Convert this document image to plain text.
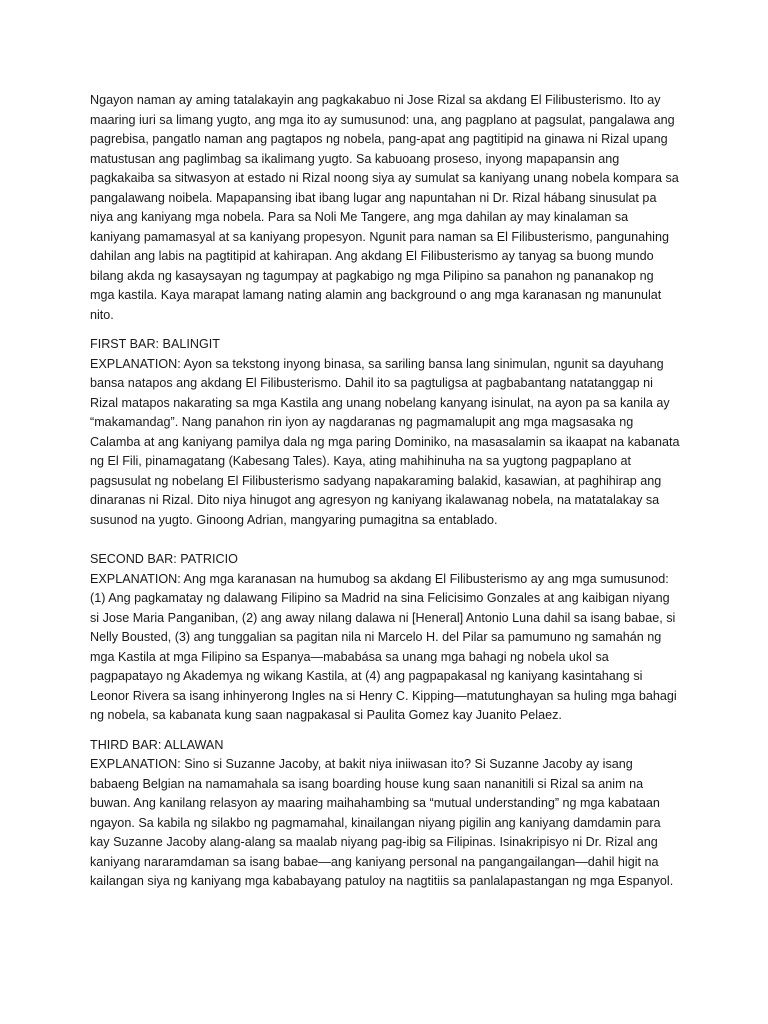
Ngayon naman ay aming tatalakayin ang pagkakabuo ni Jose Rizal sa akdang El Filibusterismo. Ito ay maaring iuri sa limang yugto, ang mga ito ay sumusunod: una, ang pagplano at pagsulat, pangalawa ang pagrebisa, pangatlo naman ang pagtapos ng nobela, pang-apat ang pagtitipid na ginawa ni Rizal upang matustusan ang paglimbag sa ikalimang yugto. Sa kabuoang proseso, inyong mapapansin ang pagkakaiba sa sitwasyon at estado ni Rizal noong siya ay sumulat sa kaniyang unang nobela kompara sa pangalawang noibela. Mapapansing ibat ibang lugar ang napuntahan ni Dr. Rizal hábang sinusulat pa niya ang kaniyang mga nobela. Para sa Noli Me Tangere, ang mga dahilan ay may kinalaman sa kaniyang pamamasyal at sa kaniyang propesyon. Ngunit para naman sa El Filibusterismo, pangunahing dahilan ang labis na pagtitipid at kahirapan. Ang akdang El Filibusterismo ay tanyag sa buong mundo bilang akda ng kasaysayan ng tagumpay at pagkabigo ng mga Pilipino sa panahon ng pananakop ng mga kastila. Kaya marapat lamang nating alamin ang background o ang mga karanasan ng manunulat nito.

FIRST BAR: BALINGIT
EXPLANATION: Ayon sa tekstong inyong binasa, sa sariling bansa lang sinimulan, ngunit sa dayuhang bansa natapos ang akdang El Filibusterismo. Dahil ito sa pagtuligsa at pagbabantang natatanggap ni Rizal matapos nakarating sa mga Kastila ang unang nobelang kanyang isinulat, na ayon pa sa kanila ay “makamandag”. Nang panahon rin iyon ay nagdaranas ng pagmamalupit ang mga magsasaka ng Calamba at ang kaniyang pamilya dala ng mga paring Dominiko, na masasalamin sa ikaapat na kabanata ng El Fili, pinamagatang (Kabesang Tales). Kaya, ating mahihinuha na sa yugtong pagpaplano at pagsusulat ng nobelang El Filibusterismo sadyang napakaraming balakid, kasawian, at paghihirap ang dinaranas ni Rizal. Dito niya hinugot ang agresyon ng kaniyang ikalawanag nobela, na matatalakay sa susunod na yugto. Ginoong Adrian, mangyaring pumagitna sa entablado.
SECOND BAR: PATRICIO
EXPLANATION: Ang mga karanasan na humubog sa akdang El Filibusterismo ay ang mga sumusunod: (1) Ang pagkamatay ng dalawang Filipino sa Madrid na sina Felicisimo Gonzales at ang kaibigan niyang si Jose Maria Panganiban, (2) ang away nilang dalawa ni [Heneral] Antonio Luna dahil sa isang babae, si Nelly Bousted, (3) ang tunggalian sa pagitan nila ni Marcelo H. del Pilar sa pamumuno ng samahán ng mga Kastila at mga Filipino sa Espanya—mababása sa unang mga bahagi ng nobela ukol sa pagpapatayo ng Akademya ng wikang Kastila, at (4) ang pagpapakasal ng kaniyang kasintahang si Leonor Rivera sa isang inhinyerong Ingles na si Henry C. Kipping—matutunghayan sa huling mga bahagi ng nobela, sa kabanata kung saan nagpakasal si Paulita Gomez kay Juanito Pelaez.
THIRD BAR: ALLAWAN
EXPLANATION: Sino si Suzanne Jacoby, at bakit niya iniiwasan ito? Si Suzanne Jacoby ay isang babaeng Belgian na namamahala sa isang boarding house kung saan nananitili si Rizal sa anim na buwan. Ang kanilang relasyon ay maaring maihahambing sa “mutual understanding” ng mga kabataan ngayon. Sa kabila ng silakbo ng pagmamahal, kinailangan niyang pigilin ang kaniyang damdamin para kay Suzanne Jacoby alang-alang sa maalab niyang pag-ibig sa Filipinas. Isinakripisyo ni Dr. Rizal ang kaniyang nararamdaman sa isang babae—ang kaniyang personal na pangangailangan—dahil higit na kailangan siya ng kaniyang mga kababayang patuloy na nagtitiis sa panlalapastangan ng mga Espanyol.
